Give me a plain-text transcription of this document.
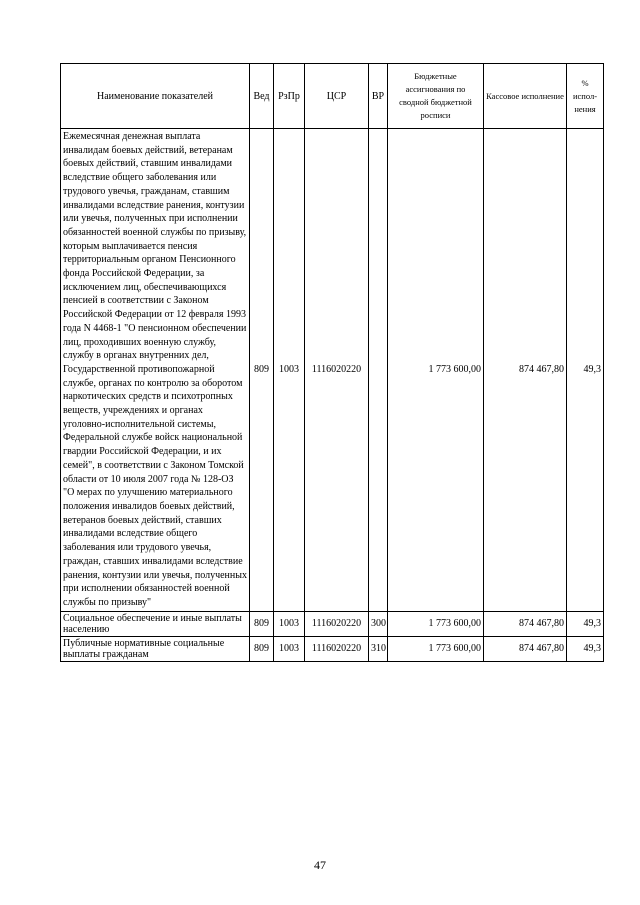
Наименование показателей	Вед	РзПр	ЦСР	ВР	Бюджетные ассигнования по сводной бюджетной росписи	Кассовое исполнение	% испол-нения
Ежемесячная денежная выплата инвалидам боевых действий, ветеранам боевых действий, ставшим инвалидами вследствие общего заболевания или трудового увечья, гражданам, ставшим инвалидами вследствие ранения, контузии или увечья, полученных при исполнении обязанностей военной службы по призыву, которым выплачивается пенсия территориальным органом Пенсионного фонда Российской Федерации, за исключением лиц, обеспечивающихся пенсией в соответствии с Законом Российской Федерации от 12 февраля 1993 года N 4468-1 "О пенсионном обеспечении лиц, проходивших военную службу, службу в органах внутренних дел, Государственной противопожарной службе, органах по контролю за оборотом наркотических средств и психотропных веществ, учреждениях и органах уголовно-исполнительной системы, Федеральной службе войск национальной гвардии Российской Федерации, и их семей", в соответствии с Законом Томской области от 10 июля 2007 года № 128-ОЗ "О мерах по улучшению материального положения инвалидов боевых действий, ветеранов боевых действий, ставших инвалидами вследствие общего заболевания или трудового увечья, граждан, ставших инвалидами вследствие ранения, контузии или увечья, полученных при исполнении обязанностей военной службы по призыву"	809	1003	1116020220		1 773 600,00	874 467,80	49,3
Социальное обеспечение и иные выплаты населению	809	1003	1116020220	300	1 773 600,00	874 467,80	49,3
Публичные нормативные социальные выплаты гражданам	809	1003	1116020220	310	1 773 600,00	874 467,80	49,3
47
